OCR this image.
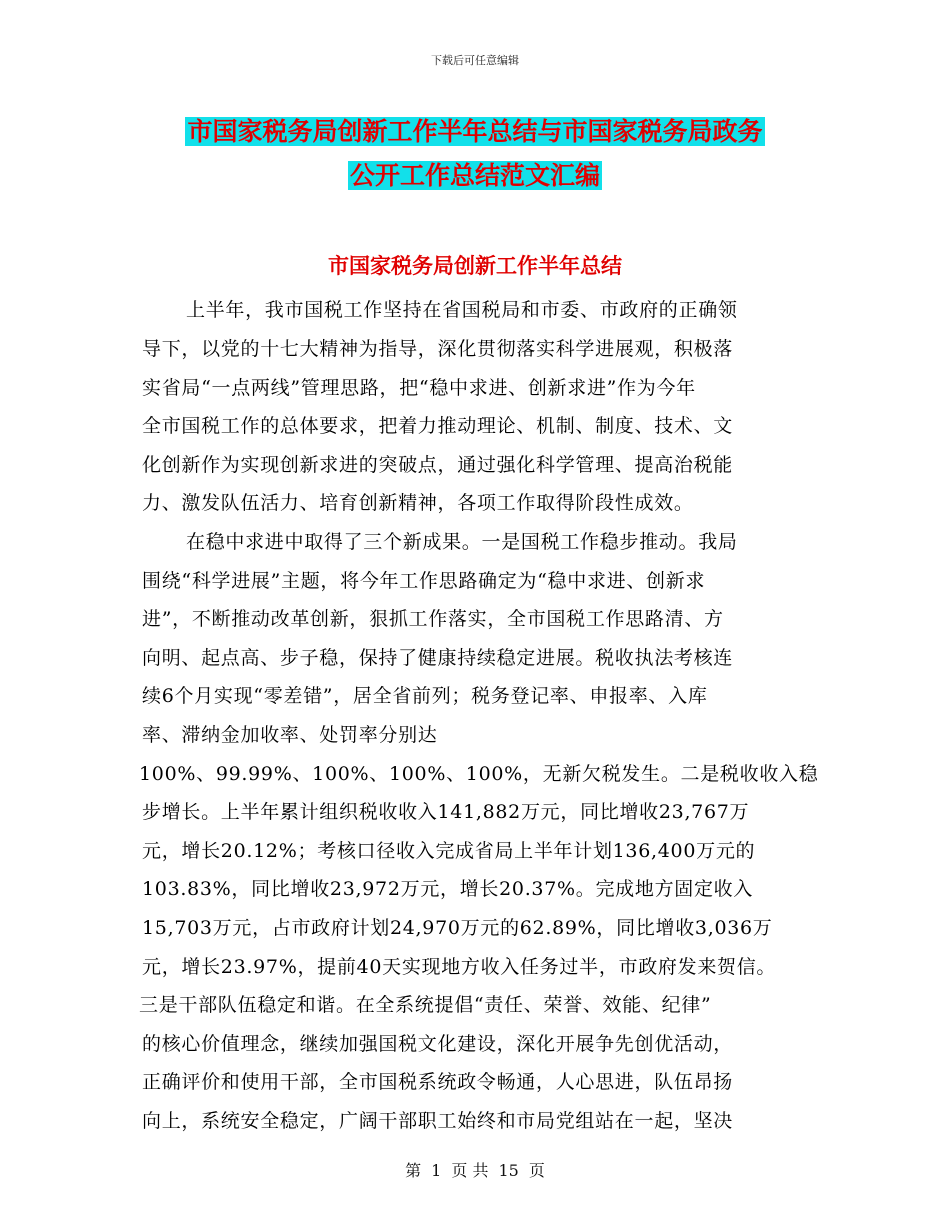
下载后可任意编辑
市国家税务局创新工作半年总结与市国家税务局政务
公开工作总结范文汇编
市国家税务局创新工作半年总结
上半年，我市国税工作坚持在省国税局和市委、市政府的正确领
导下，以党的十七大精神为指导，深化贯彻落实科学进展观，积极落
实省局“一点两线”管理思路，把“稳中求进、创新求进”作为今年
全市国税工作的总体要求，把着力推动理论、机制、制度、技术、文
化创新作为实现创新求进的突破点，通过强化科学管理、提高治税能
力、激发队伍活力、培育创新精神，各项工作取得阶段性成效。
在稳中求进中取得了三个新成果。一是国税工作稳步推动。我局
围绕“科学进展”主题，将今年工作思路确定为“稳中求进、创新求
进”，不断推动改革创新，狠抓工作落实，全市国税工作思路清、方
向明、起点高、步子稳，保持了健康持续稳定进展。税收执法考核连
续6个月实现“零差错”，居全省前列；税务登记率、申报率、入库
率、滞纳金加收率、处罚率分别达
100%、99.99%、100%、100%、100%，无新欠税发生。二是税收收入稳
步增长。上半年累计组织税收收入141,882万元，同比增收23,767万
元，增长20.12%；考核口径收入完成省局上半年计划136,400万元的
103.83%，同比增收23,972万元，增长20.37%。完成地方固定收入
15,703万元，占市政府计划24,970万元的62.89%，同比增收3,036万
元，增长23.97%，提前40天实现地方收入任务过半，市政府发来贺信。
三是干部队伍稳定和谐。在全系统提倡“责任、荣誉、效能、纪律”
的核心价值理念，继续加强国税文化建设，深化开展争先创优活动，
正确评价和使用干部，全市国税系统政令畅通，人心思进，队伍昂扬
向上，系统安全稳定，广阔干部职工始终和市局党组站在一起，坚决
第 1 页 共 15 页
